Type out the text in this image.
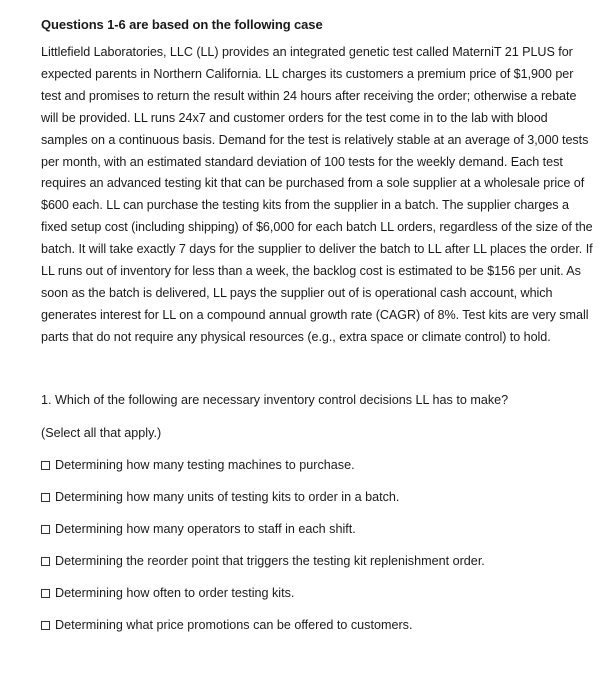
Questions 1-6 are based on the following case

Littlefield Laboratories, LLC (LL) provides an integrated genetic test called MaterniT 21 PLUS for expected parents in Northern California. LL charges its customers a premium price of $1,900 per test and promises to return the result within 24 hours after receiving the order; otherwise a rebate will be provided. LL runs 24x7 and customer orders for the test come in to the lab with blood samples on a continuous basis. Demand for the test is relatively stable at an average of 3,000 tests per month, with an estimated standard deviation of 100 tests for the weekly demand. Each test requires an advanced testing kit that can be purchased from a sole supplier at a wholesale price of $600 each. LL can purchase the testing kits from the supplier in a batch. The supplier charges a fixed setup cost (including shipping) of $6,000 for each batch LL orders, regardless of the size of the batch. It will take exactly 7 days for the supplier to deliver the batch to LL after LL places the order. If LL runs out of inventory for less than a week, the backlog cost is estimated to be $156 per unit. As soon as the batch is delivered, LL pays the supplier out of is operational cash account, which generates interest for LL on a compound annual growth rate (CAGR) of 8%. Test kits are very small parts that do not require any physical resources (e.g., extra space or climate control) to hold.

1. Which of the following are necessary inventory control decisions LL has to make?
(Select all that apply.)
Determining how many testing machines to purchase.
Determining how many units of testing kits to order in a batch.
Determining how many operators to staff in each shift.
Determining the reorder point that triggers the testing kit replenishment order.
Determining how often to order testing kits.
Determining what price promotions can be offered to customers.
